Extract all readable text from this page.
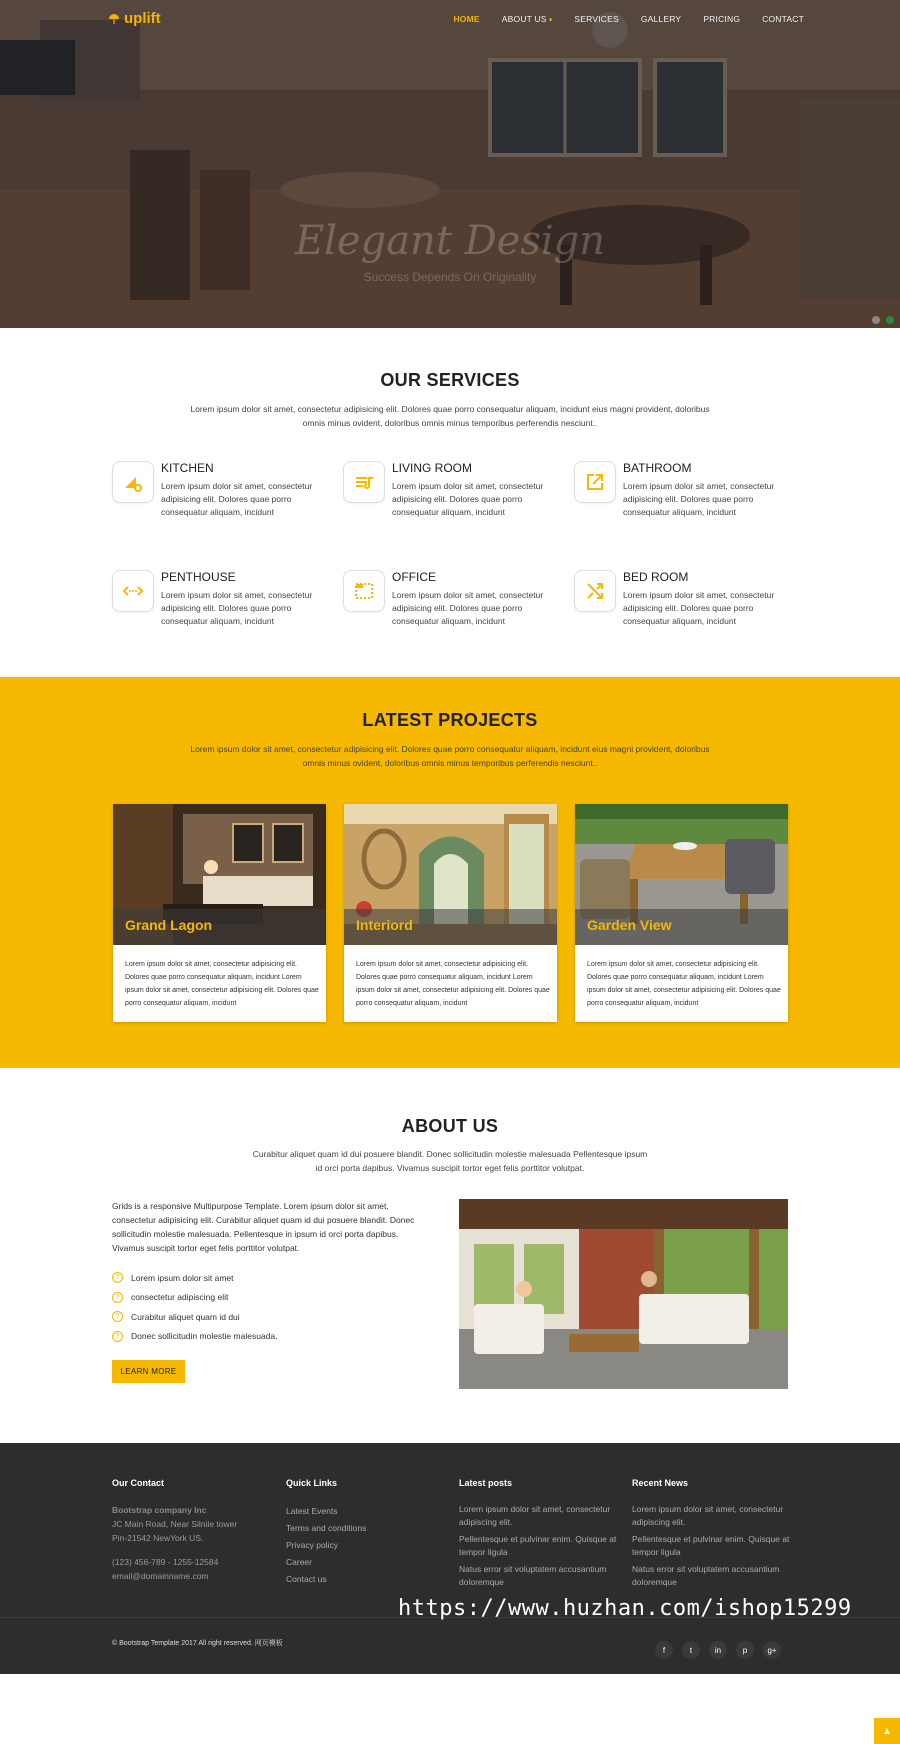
Elegant Design
Success Depends On Originality
uplift	HOME	ABOUT US ▾	SERVICES	GALLERY	PRICING	CONTACT
OUR SERVICES
Lorem ipsum dolor sit amet, consectetur adipisicing elit. Dolores quae porro consequatur aliquam, incidunt eius magni provident, doloribus omnis minus ovident, doloribus omnis minus temporibus perferendis nesciunt..
KITCHEN

Lorem ipsum dolor sit amet, consectetur adipisicing elit. Dolores quae porro consequatur aliquam, incidunt

LIVING ROOM

Lorem ipsum dolor sit amet, consectetur adipisicing elit. Dolores quae porro consequatur aliquam, incidunt

BATHROOM

Lorem ipsum dolor sit amet, consectetur adipisicing elit. Dolores quae porro consequatur aliquam, incidunt

PENTHOUSE

Lorem ipsum dolor sit amet, consectetur adipisicing elit. Dolores quae porro consequatur aliquam, incidunt

OFFICE

Lorem ipsum dolor sit amet, consectetur adipisicing elit. Dolores quae porro consequatur aliquam, incidunt

BED ROOM

Lorem ipsum dolor sit amet, consectetur adipisicing elit. Dolores quae porro consequatur aliquam, incidunt

LATEST PROJECTS
Lorem ipsum dolor sit amet, consectetur adipisicing elit. Dolores quae porro consequatur aliquam, incidunt eius magni provident, doloribus omnis minus ovident, doloribus omnis minus temporibus perferendis nesciunt..
Grand Lagon

Lorem ipsum dolor sit amet, consectetur adipisicing elit. Dolores quae porro consequatur aliquam, incidunt Lorem ipsum dolor sit amet, consectetur adipisicing elit. Dolores quae porro consequatur aliquam, incidunt

Interiord

Lorem ipsum dolor sit amet, consectetur adipisicing elit. Dolores quae porro consequatur aliquam, incidunt Lorem ipsum dolor sit amet, consectetur adipisicing elit. Dolores quae porro consequatur aliquam, incidunt

Garden View

Lorem ipsum dolor sit amet, consectetur adipisicing elit. Dolores quae porro consequatur aliquam, incidunt Lorem ipsum dolor sit amet, consectetur adipisicing elit. Dolores quae porro consequatur aliquam, incidunt

ABOUT US
Curabitur aliquet quam id dui posuere blandit. Donec sollicitudin molestie malesuada Pellentesque ipsum id orci porta dapibus. Vivamus suscipit tortor eget felis porttitor volutpat.
Grids is a responsive Multipurpose Template. Lorem ipsum dolor sit amet, consectetur adipisicing elit. Curabitur aliquet quam id dui posuere blandit. Donec sollicitudin molestie malesuada. Pellentesque in ipsum id orci porta dapibus. Vivamus suscipit tortor eget felis porttitor volutpat.
?	Lorem ipsum dolor sit amet
?	consectetur adipiscing elit
?	Curabitur aliquet quam id dui
?	Donec sollicitudin molestie malesuada.
LEARN MORE
Our Contact
Bootstrap company Inc
JC Main Road, Near Silnile tower
Pin-21542 NewYork US.
(123) 456-789 - 1255-12584
email@domainname.com
Quick Links
Latest Events
Terms and conditions
Privacy policy
Career
Contact us
Latest posts
Lorem ipsum dolor sit amet, consectetur adipiscing elit.
Pellentesque et pulvinar enim. Quisque at tempor ligula
Natus error sit voluptatem accusantium doloremque
Recent News
Lorem ipsum dolor sit amet, consectetur adipiscing elit.
Pellentesque et pulvinar enim. Quisque at tempor ligula
Natus error sit voluptatem accusantium doloremque
https://www.huzhan.com/ishop15299
© Bootstrap Template 2017 All right reserved. 网页模板
f	t	in	p	g+
▲
